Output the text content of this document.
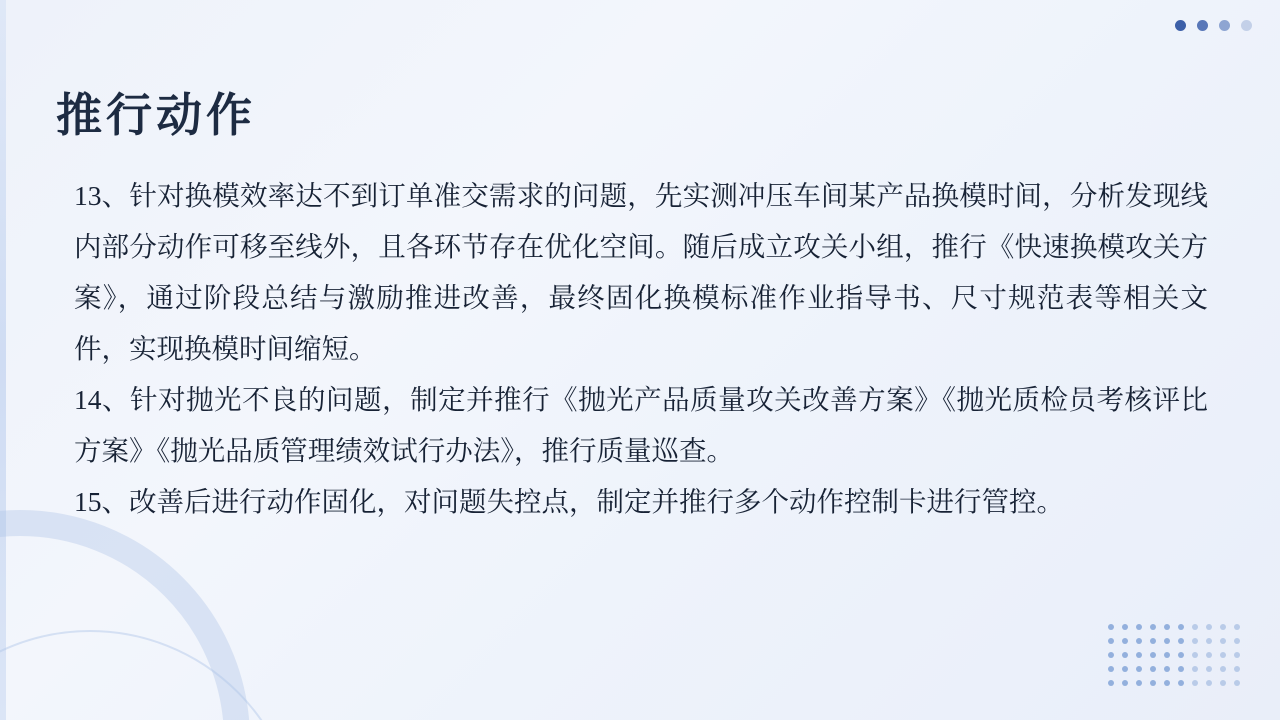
推行动作

13、针对换模效率达不到订单准交需求的问题，先实测冲压车间某产品换模时间，分析发现线内部分动作可移至线外，且各环节存在优化空间。随后成立攻关小组，推行《快速换模攻关方案》，通过阶段总结与激励推进改善，最终固化换模标准作业指导书、尺寸规范表等相关文件，实现换模时间缩短。

14、针对抛光不良的问题，制定并推行《抛光产品质量攻关改善方案》《抛光质检员考核评比方案》《抛光品质管理绩效试行办法》，推行质量巡查。

15、改善后进行动作固化，对问题失控点，制定并推行多个动作控制卡进行管控。
